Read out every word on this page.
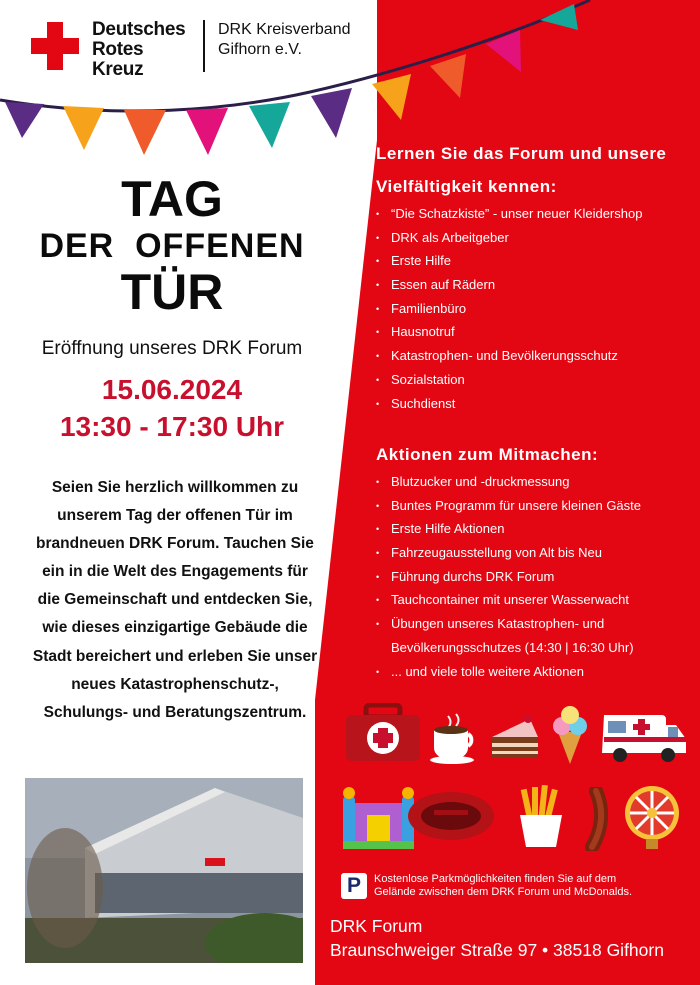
Deutsches
Rotes
Kreuz
DRK Kreisverband
Gifhorn e.V.
TAG
DER  OFFENEN
TÜR
Eröffnung unseres DRK Forum
15.06.2024
13:30 - 17:30 Uhr
Seien Sie herzlich willkommen zu unserem Tag der offenen Tür im brandneuen DRK Forum. Tauchen Sie ein in die Welt des Engagements für die Gemeinschaft und entdecken Sie, wie dieses einzigartige Gebäude die Stadt bereichert und erleben Sie unser neues Katastrophenschutz-, Schulungs- und Beratungszentrum.
Lernen Sie das Forum und unsere
Vielfältigkeit kennen:
• “Die Schatzkiste” - unser neuer Kleidershop
• DRK als Arbeitgeber
• Erste Hilfe
• Essen auf Rädern
• Familienbüro
• Hausnotruf
• Katastrophen- und Bevölkerungsschutz
• Sozialstation
• Suchdienst
Aktionen zum Mitmachen:
• Blutzucker und -druckmessung
• Buntes Programm für unsere kleinen Gäste
• Erste Hilfe Aktionen
• Fahrzeugausstellung von Alt bis Neu
• Führung durchs DRK Forum
• Tauchcontainer mit unserer Wasserwacht
• Übungen unseres Katastrophen- und
Bevölkerungsschutzes (14:30 | 16:30 Uhr)
• ... und viele tolle weitere Aktionen
P	Kostenlose Parkmöglichkeiten finden Sie auf dem
Gelände zwischen dem DRK Forum und McDonalds.
DRK Forum
Braunschweiger Straße 97 • 38518 Gifhorn
